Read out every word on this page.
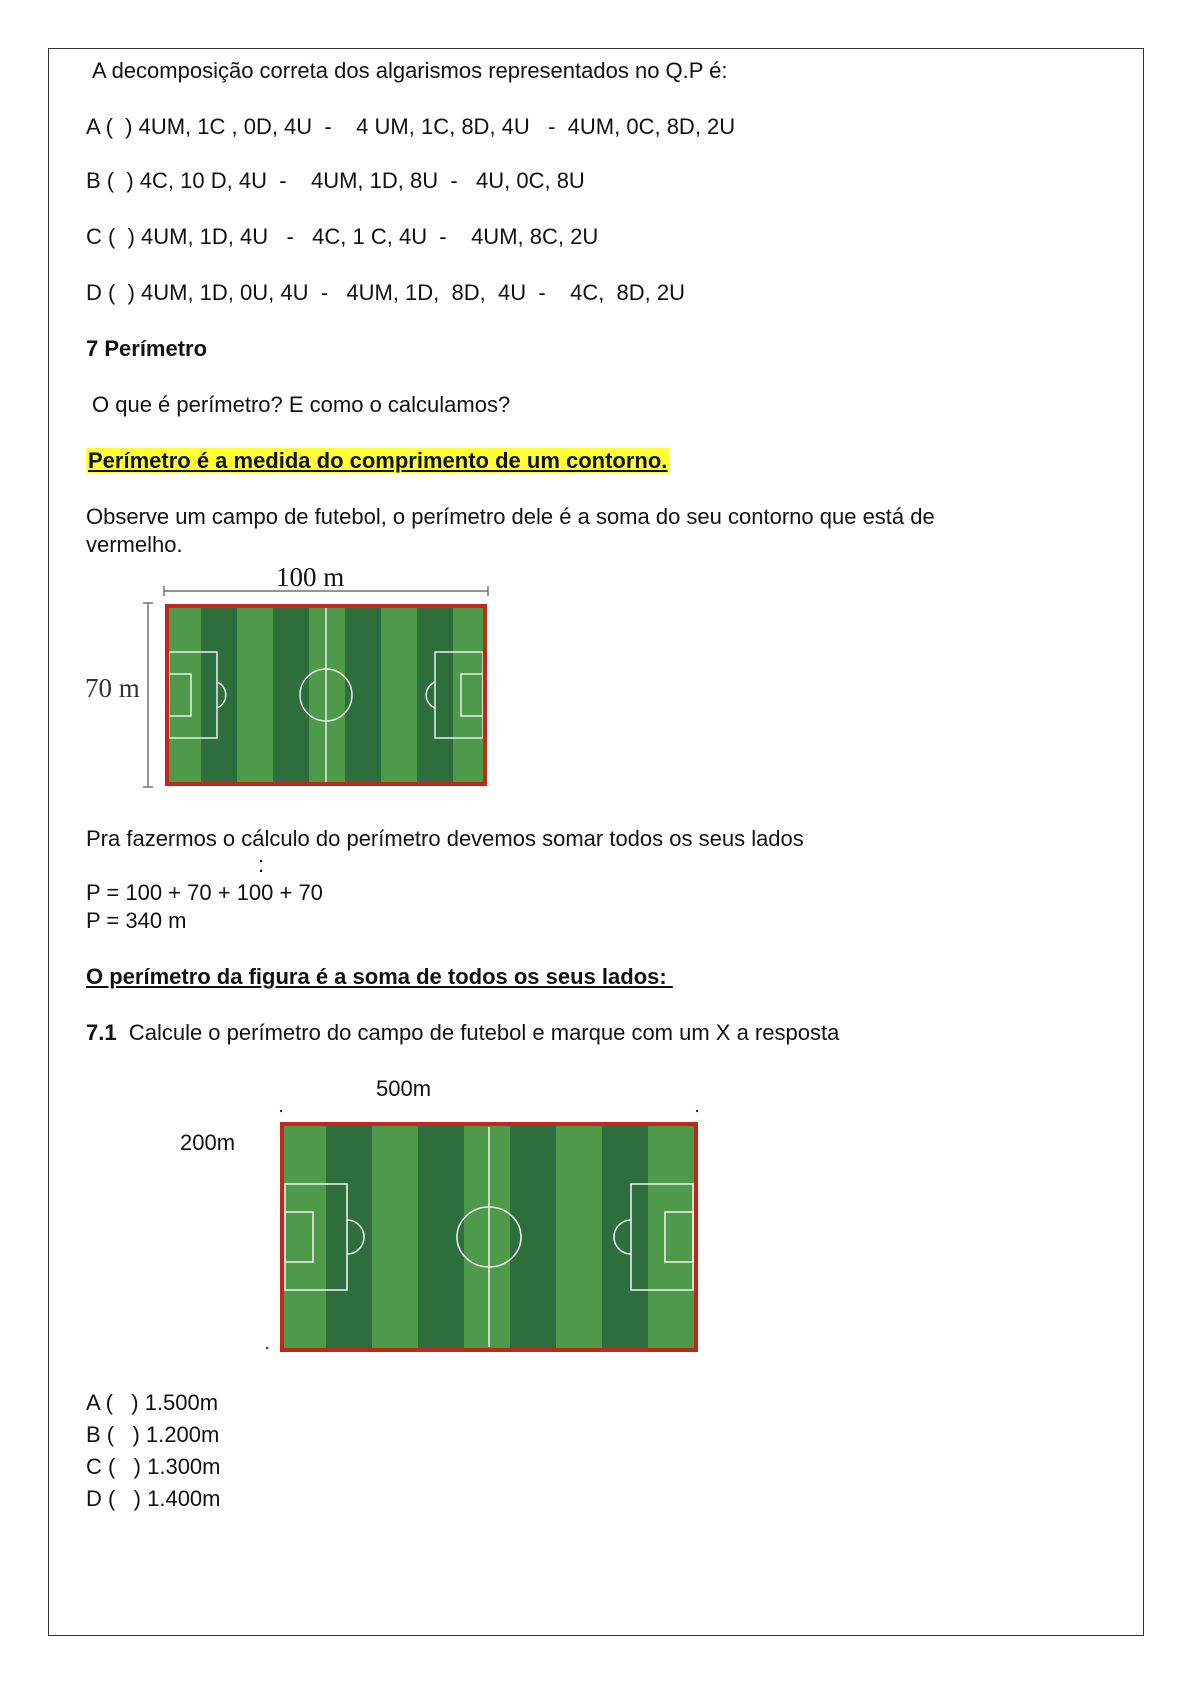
A decomposição correta dos algarismos representados no Q.P é:
A ( ) 4UM, 1C , 0D, 4U  -    4 UM, 1C, 8D, 4U   -  4UM, 0C, 8D, 2U
B ( ) 4C, 10 D, 4U  -    4UM, 1D, 8U  -   4U, 0C, 8U
C ( ) 4UM, 1D, 4U   -   4C, 1 C, 4U  -    4UM, 8C, 2U
D ( ) 4UM, 1D, 0U, 4U  -   4UM, 1D,  8D,  4U  -    4C,  8D, 2U
7 Perímetro
O que é perímetro? E como o calculamos?
Perímetro é a medida do comprimento de um contorno.
Observe um campo de futebol, o perímetro dele é a soma do seu contorno que está de
vermelho.
100 m
70 m
Pra fazermos o cálculo do perímetro devemos somar todos os seus lados
:
P = 100 + 70 + 100 + 70
P = 340 m
O perímetro da figura é a soma de todos os seus lados:
7.1 Calcule o perímetro do campo de futebol e marque com um X a resposta
500m
200m
A ( ) 1.500m
B ( ) 1.200m
C ( ) 1.300m
D ( ) 1.400m
